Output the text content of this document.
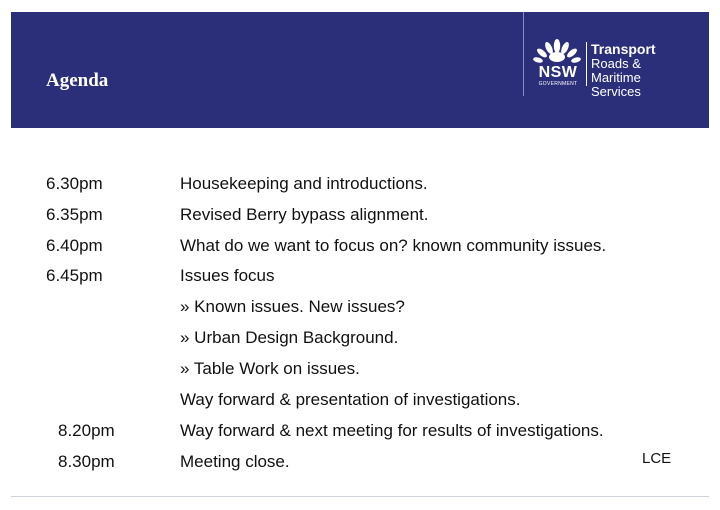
Agenda	NSW
GOVERNMENT
Transport
Roads & Maritime
Services
6.30pm	Housekeeping and introductions.
6.35pm	Revised Berry bypass alignment.
6.40pm	What do we want to focus on? known community issues.
6.45pm	Issues focus
» Known issues. New issues?
» Urban Design Background.
» Table Work on issues.
Way forward & presentation of investigations.
8.20pm	Way forward & next meeting for results of investigations.
8.30pm	Meeting close.	LCE
